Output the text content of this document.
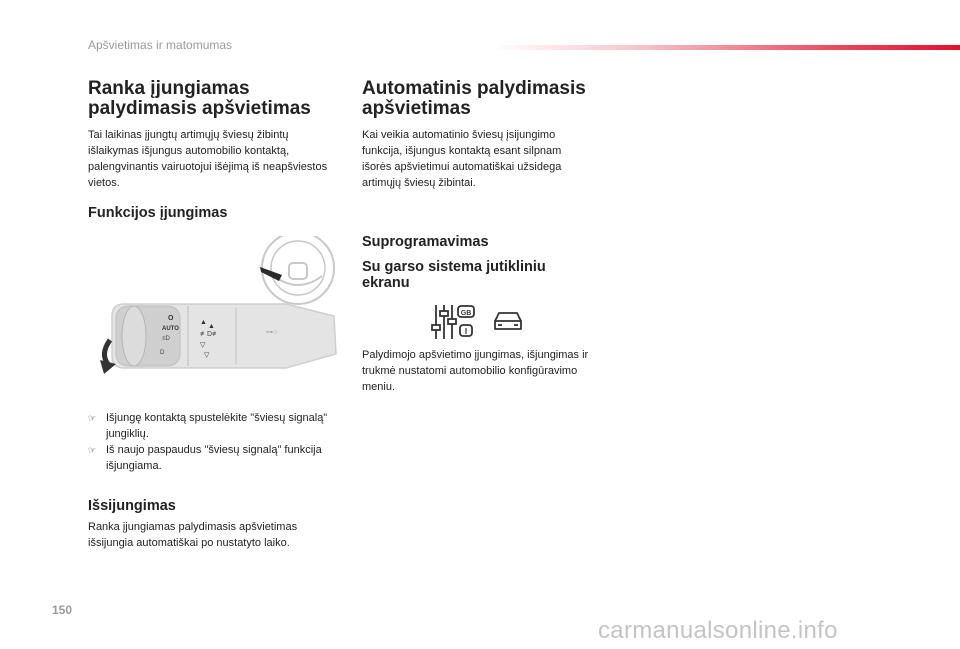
Apšvietimas ir matomumas
Ranka įjungiamas palydimasis apšvietimas

Tai laikinas įjungtų artimųjų šviesų žibintų išlaikymas išjungus automobilio kontaktą, palengvinantis vairuotojui išėjimą iš neapšviestos vietos.

Funkcijos įjungimas
O
AUTO
≡D
D
▲
▲
≢D≢
▽
▽
⊶○
☞ Išjungę kontaktą spustelėkite "šviesų signalą" jungiklių.
☞ Iš naujo paspaudus "šviesų signalą" funkcija išjungiama.
Išsijungimas

Ranka įjungiamas palydimasis apšvietimas išsijungia automatiškai po nustatyto laiko.

Automatinis palydimasis apšvietimas

Kai veikia automatinio šviesų įsijungimo funkcija, išjungus kontaktą esant silpnam išorės apšvietimui automatiškai užsidega artimųjų šviesų žibintai.

Suprogramavimas
Su garso sistema jutikliniu ekranu
GB
I

Palydimojo apšvietimo įjungimas, išjungimas ir trukmė nustatomi automobilio konfigūravimo meniu.

150
carmanualsonline.info
